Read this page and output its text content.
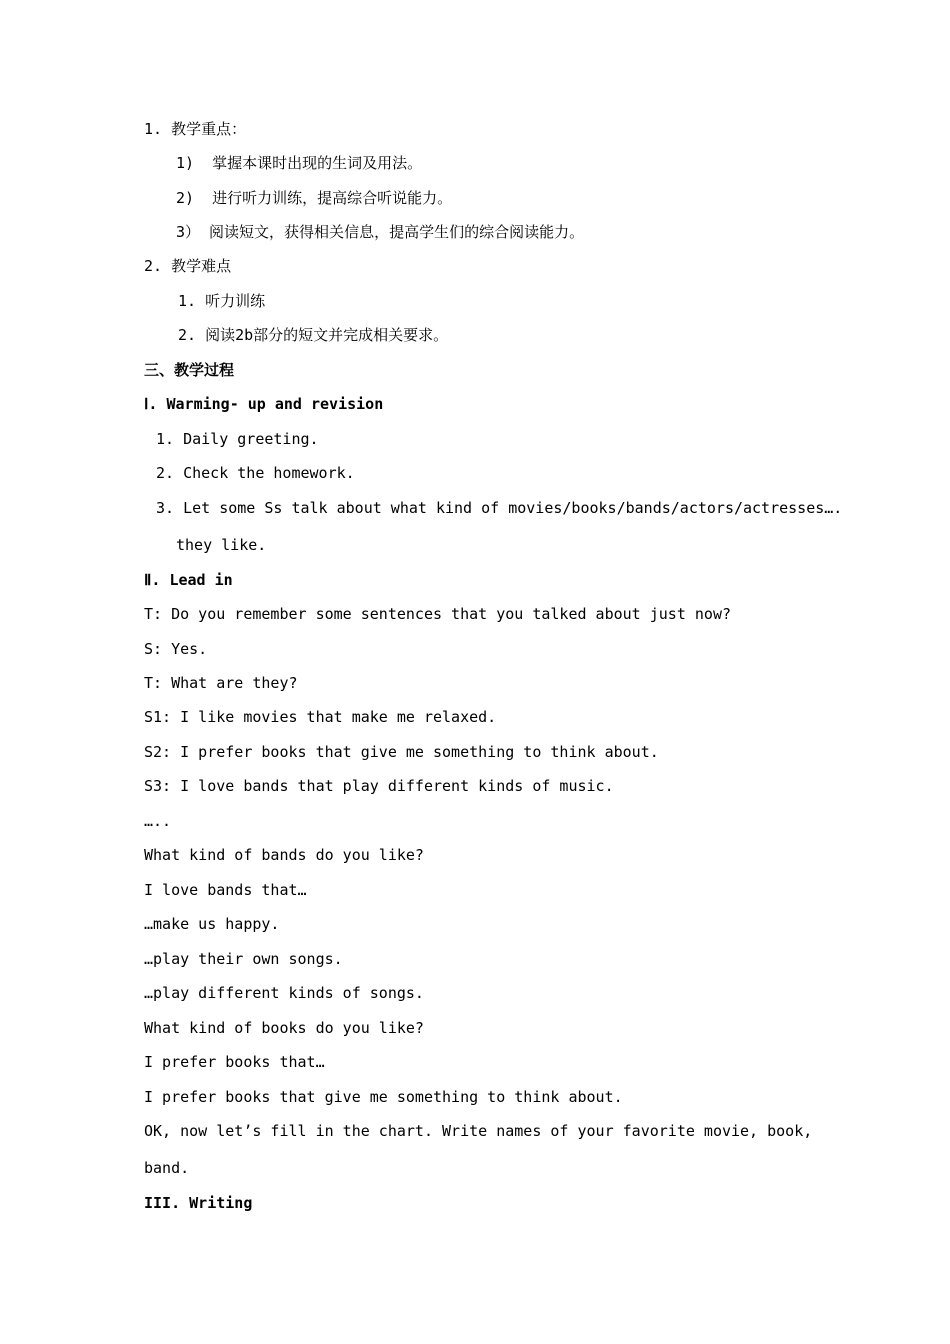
1. 教学重点：
1)  掌握本课时出现的生词及用法。
2)  进行听力训练，提高综合听说能力。
3） 阅读短文，获得相关信息，提高学生们的综合阅读能力。
2. 教学难点
1. 听力训练
2. 阅读2b部分的短文并完成相关要求。
三、教学过程
Ⅰ. Warming- up and revision
1. Daily greeting.
2. Check the homework.
3. Let some Ss talk about what kind of movies/books/bands/actors/actresses….
they like.
Ⅱ. Lead in
T: Do you remember some sentences that you talked about just now?
S: Yes.
T: What are they?
S1: I like movies that make me relaxed.
S2: I prefer books that give me something to think about.
S3: I love bands that play different kinds of music.
…..
What kind of bands do you like?
I love bands that…
…make us happy.
…play their own songs.
…play different kinds of songs.
What kind of books do you like?
I prefer books that…
I prefer books that give me something to think about.
OK, now let’s fill in the chart. Write names of your favorite movie, book,
band.
III. Writing
